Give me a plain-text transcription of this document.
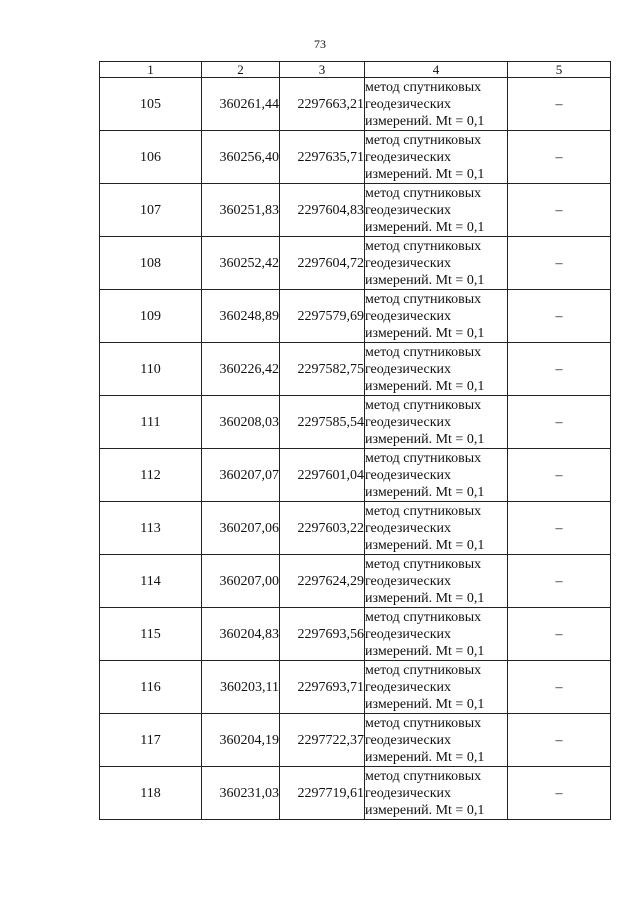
73
1	2	3	4	5
105	360261,44	2297663,21	метод спутниковых
геодезических
измерений. Mt = 0,1	–
106	360256,40	2297635,71	метод спутниковых
геодезических
измерений. Mt = 0,1	–
107	360251,83	2297604,83	метод спутниковых
геодезических
измерений. Mt = 0,1	–
108	360252,42	2297604,72	метод спутниковых
геодезических
измерений. Mt = 0,1	–
109	360248,89	2297579,69	метод спутниковых
геодезических
измерений. Mt = 0,1	–
110	360226,42	2297582,75	метод спутниковых
геодезических
измерений. Mt = 0,1	–
111	360208,03	2297585,54	метод спутниковых
геодезических
измерений. Mt = 0,1	–
112	360207,07	2297601,04	метод спутниковых
геодезических
измерений. Mt = 0,1	–
113	360207,06	2297603,22	метод спутниковых
геодезических
измерений. Mt = 0,1	–
114	360207,00	2297624,29	метод спутниковых
геодезических
измерений. Mt = 0,1	–
115	360204,83	2297693,56	метод спутниковых
геодезических
измерений. Mt = 0,1	–
116	360203,11	2297693,71	метод спутниковых
геодезических
измерений. Mt = 0,1	–
117	360204,19	2297722,37	метод спутниковых
геодезических
измерений. Mt = 0,1	–
118	360231,03	2297719,61	метод спутниковых
геодезических
измерений. Mt = 0,1	–
